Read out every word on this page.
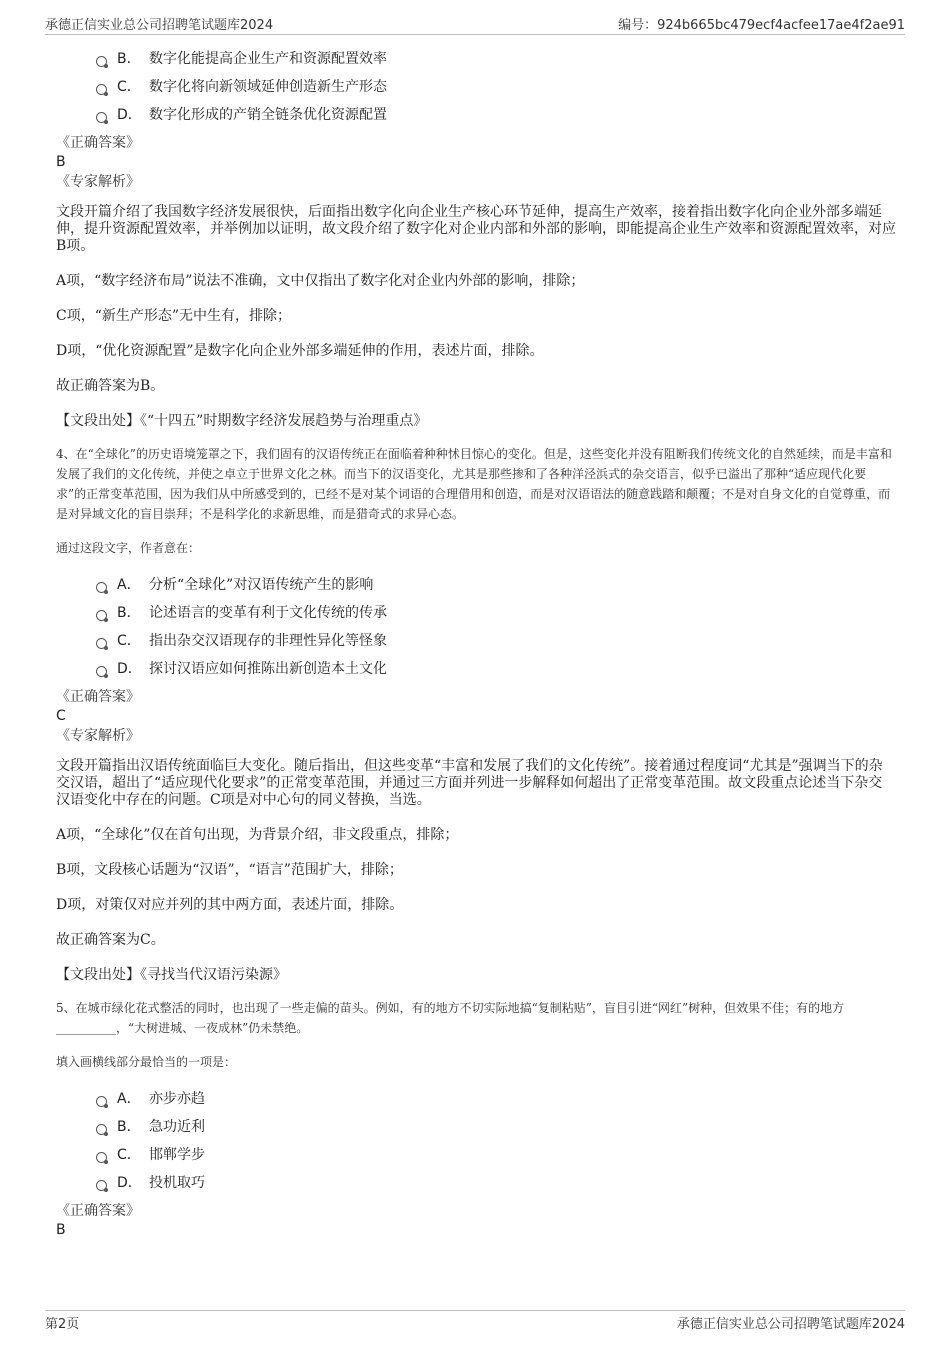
承德正信实业总公司招聘笔试题库2024	编号：924b665bc479ecf4acfee17ae4f2ae91
B． 数字化能提高企业生产和资源配置效率
C． 数字化将向新领域延伸创造新生产形态
D． 数字化形成的产销全链条优化资源配置
《正确答案》
B
《专家解析》

文段开篇介绍了我国数字经济发展很快，后面指出数字化向企业生产核心环节延伸，提高生产效率，接着指出数字化向企业外部多端延伸，提升资源配置效率，并举例加以证明，故文段介绍了数字化对企业内部和外部的影响，即能提高企业生产效率和资源配置效率，对应B项。

A项，“数字经济布局”说法不准确，文中仅指出了数字化对企业内外部的影响，排除；

C项，“新生产形态”无中生有，排除；

D项，“优化资源配置”是数字化向企业外部多端延伸的作用，表述片面，排除。

故正确答案为B。

【文段出处】《“十四五”时期数字经济发展趋势与治理重点》

4、在“全球化”的历史语境笼罩之下，我们固有的汉语传统正在面临着种种怵目惊心的变化。但是，这些变化并没有阻断我们传统文化的自然延续，而是丰富和发展了我们的文化传统，并使之卓立于世界文化之林。而当下的汉语变化，尤其是那些掺和了各种洋泾浜式的杂交语言，似乎已溢出了那种“适应现代化要求”的正常变革范围，因为我们从中所感受到的，已经不是对某个词语的合理借用和创造，而是对汉语语法的随意践踏和颠覆；不是对自身文化的自觉尊重，而是对异域文化的盲目崇拜；不是科学化的求新思维，而是猎奇式的求异心态。

通过这段文字，作者意在：

A． 分析“全球化”对汉语传统产生的影响
B． 论述语言的变革有利于文化传统的传承
C． 指出杂交汉语现存的非理性异化等怪象
D． 探讨汉语应如何推陈出新创造本土文化
《正确答案》
C
《专家解析》

文段开篇指出汉语传统面临巨大变化。随后指出，但这些变革“丰富和发展了我们的文化传统”。接着通过程度词“尤其是”强调当下的杂交汉语，超出了“适应现代化要求”的正常变革范围，并通过三方面并列进一步解释如何超出了正常变革范围。故文段重点论述当下杂交汉语变化中存在的问题。C项是对中心句的同义替换，当选。

A项，“全球化”仅在首句出现，为背景介绍，非文段重点，排除；

B项，文段核心话题为“汉语”，“语言”范围扩大，排除；

D项，对策仅对应并列的其中两方面，表述片面，排除。

故正确答案为C。

【文段出处】《寻找当代汉语污染源》

5、在城市绿化花式整活的同时，也出现了一些走偏的苗头。例如，有的地方不切实际地搞“复制粘贴”，盲目引进“网红”树种，但效果不佳；有的地方 __________，“大树进城、一夜成林”仍未禁绝。

填入画横线部分最恰当的一项是：

A． 亦步亦趋
B． 急功近利
C． 邯郸学步
D． 投机取巧
《正确答案》
B
第2页	承德正信实业总公司招聘笔试题库2024
